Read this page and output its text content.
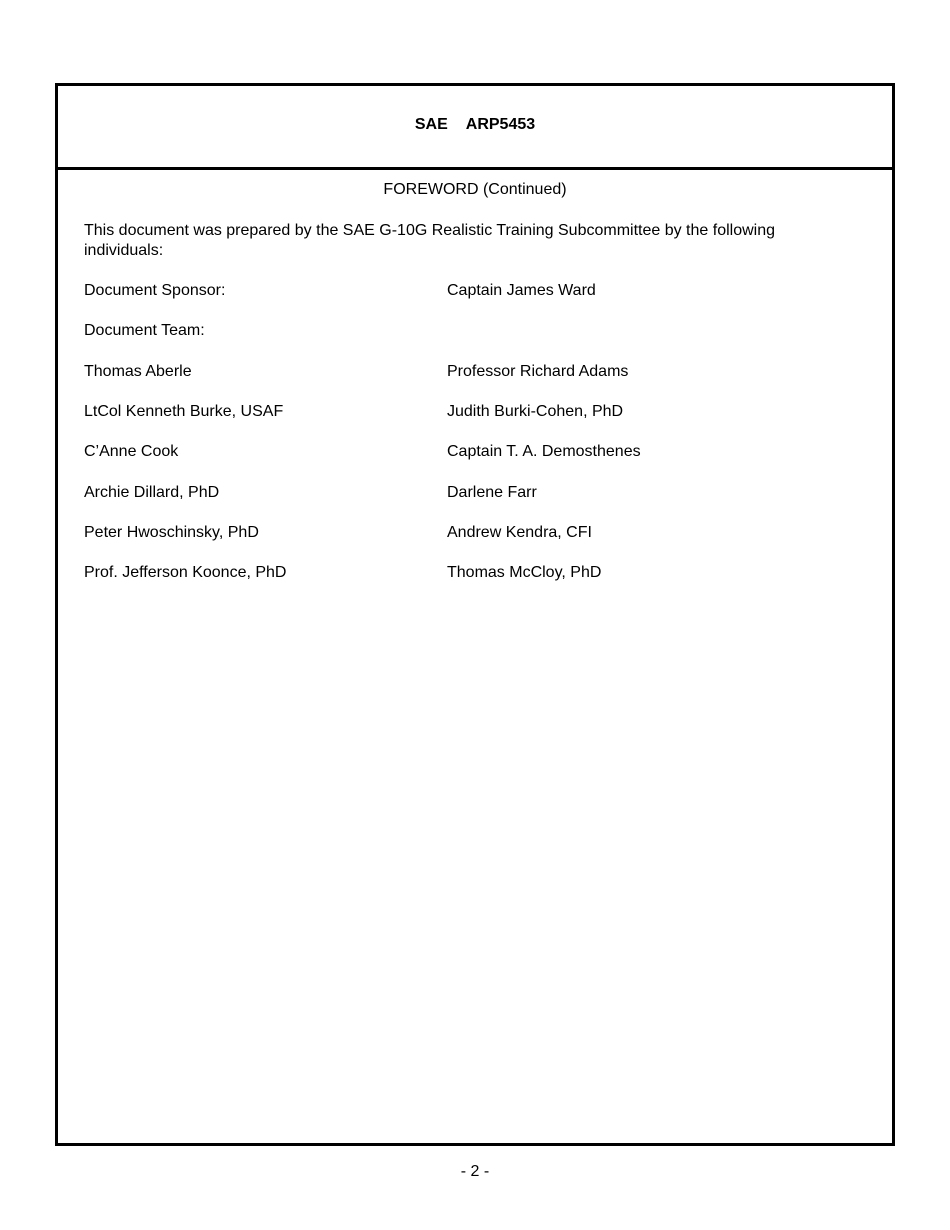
SAE ARP5453
FOREWORD (Continued)
This document was prepared by the SAE G-10G Realistic Training Subcommittee by the following individuals:
Document Sponsor:	Captain James Ward
Document Team:
Thomas Aberle	Professor Richard Adams
LtCol Kenneth Burke, USAF	Judith Burki-Cohen, PhD
C’Anne Cook	Captain T. A. Demosthenes
Archie Dillard, PhD	Darlene Farr
Peter Hwoschinsky, PhD	Andrew Kendra, CFI
Prof. Jefferson Koonce, PhD	Thomas McCloy, PhD
- 2 -
